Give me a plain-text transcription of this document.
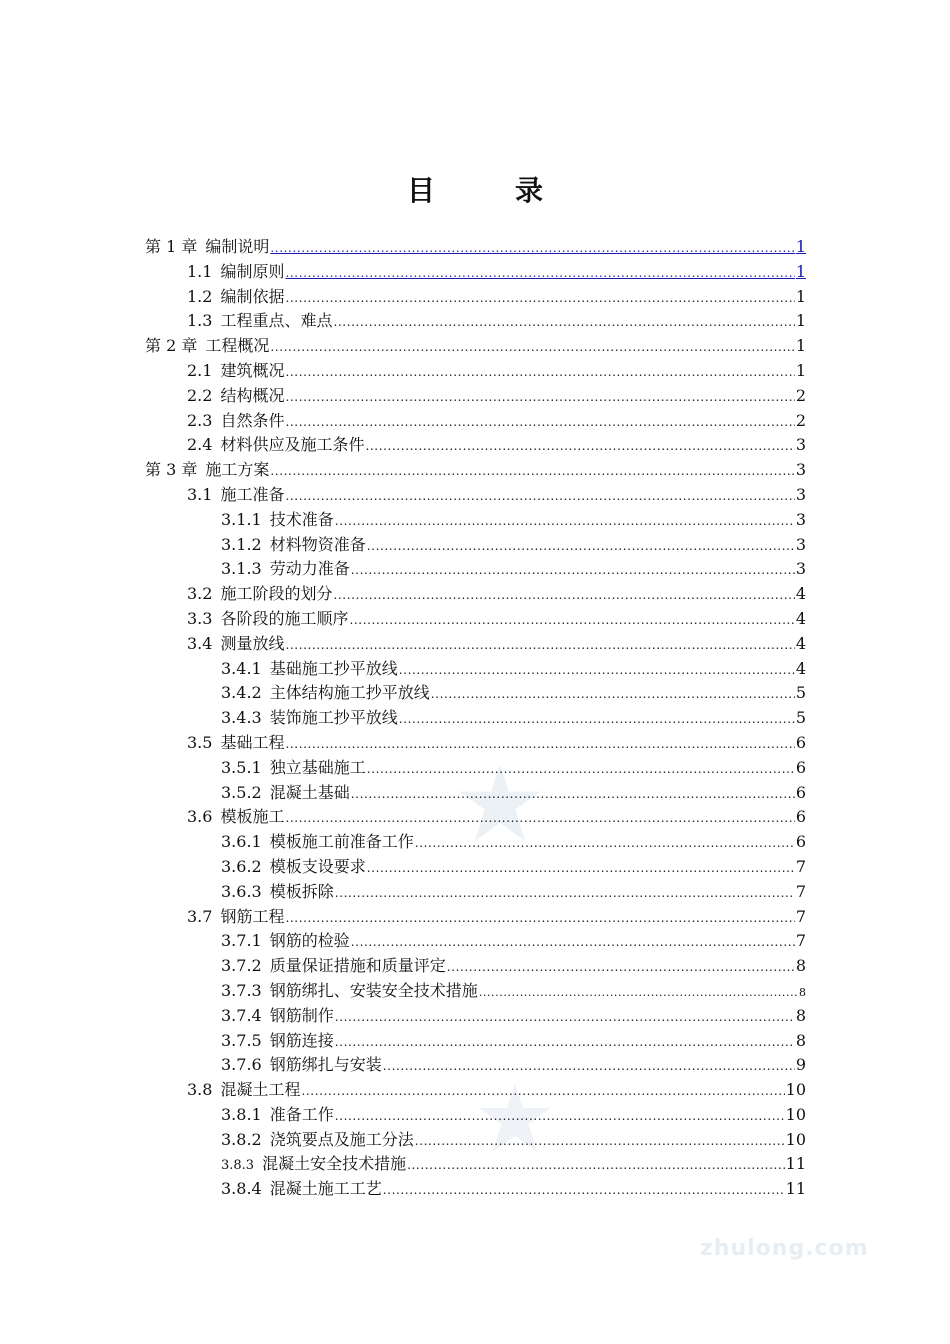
目　录
zhulong.com
第 1 章 编制说明 .....	1
1.1 编制原则 .....	1
1.2 编制依据 .....	1
1.3 工程重点、难点 .....	1
第 2 章 工程概况 .....	1
2.1 建筑概况 .....	1
2.2 结构概况 .....	2
2.3 自然条件 .....	2
2.4 材料供应及施工条件 .....	3
第 3 章 施工方案 .....	3
3.1 施工准备 .....	3
3.1.1 技术准备 .....	3
3.1.2 材料物资准备 .....	3
3.1.3 劳动力准备 .....	3
3.2 施工阶段的划分 .....	4
3.3 各阶段的施工顺序 .....	4
3.4 测量放线 .....	4
3.4.1 基础施工抄平放线 .....	4
3.4.2 主体结构施工抄平放线 .....	5
3.4.3 装饰施工抄平放线 .....	5
3.5 基础工程 .....	6
3.5.1 独立基础施工 .....	6
3.5.2 混凝土基础 .....	6
3.6 模板施工 .....	6
3.6.1 模板施工前准备工作 .....	6
3.6.2 模板支设要求 .....	7
3.6.3 模板拆除 .....	7
3.7 钢筋工程 .....	7
3.7.1 钢筋的检验 .....	7
3.7.2 质量保证措施和质量评定 .....	8
3.7.3 钢筋绑扎、安装安全技术措施 .....	8
3.7.4 钢筋制作 .....	8
3.7.5 钢筋连接 .....	8
3.7.6 钢筋绑扎与安装 .....	9
3.8 混凝土工程 .....	10
3.8.1 准备工作 .....	10
3.8.2 浇筑要点及施工分法 .....	10
3.8.3 混凝土安全技术措施 .....	11
3.8.4 混凝土施工工艺 .....	11
